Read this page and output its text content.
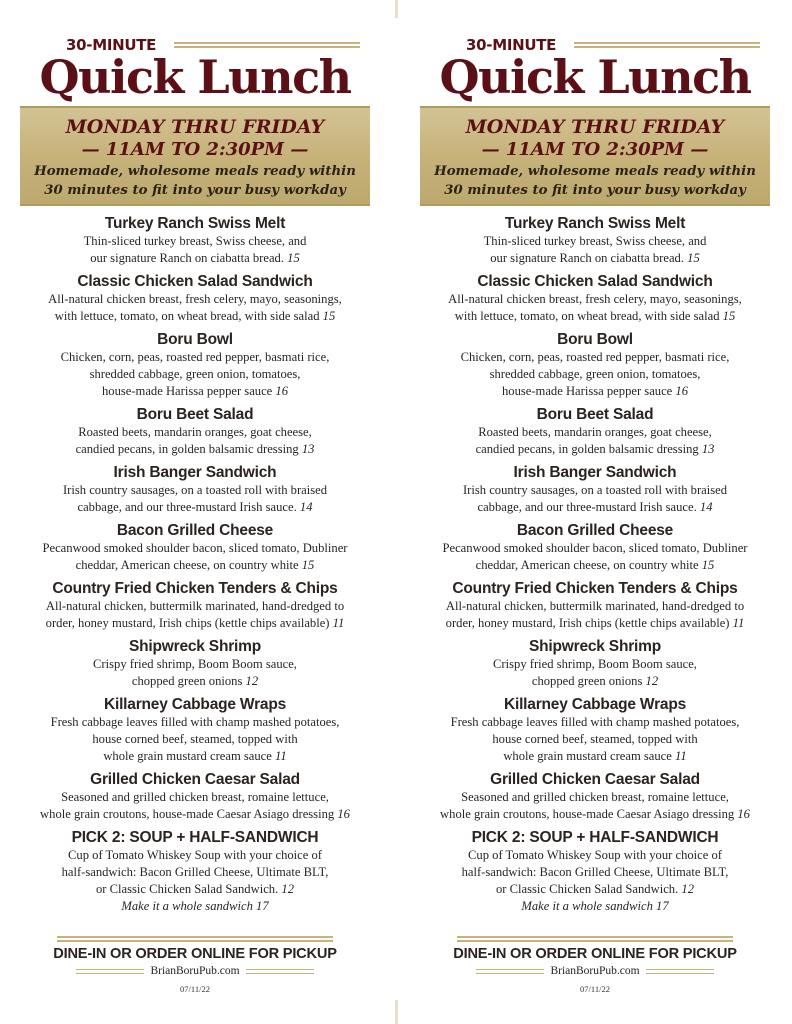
30-MINUTE
Quick Lunch
MONDAY THRU FRIDAY
— 11AM TO 2:30PM —
Homemade, wholesome meals ready within
30 minutes to fit into your busy workday
Turkey Ranch Swiss Melt
Thin-sliced turkey breast, Swiss cheese, and
our signature Ranch on ciabatta bread. 15
Classic Chicken Salad Sandwich
All-natural chicken breast, fresh celery, mayo, seasonings,
with lettuce, tomato, on wheat bread, with side salad 15
Boru Bowl
Chicken, corn, peas, roasted red pepper, basmati rice,
shredded cabbage, green onion, tomatoes,
house-made Harissa pepper sauce 16
Boru Beet Salad
Roasted beets, mandarin oranges, goat cheese,
candied pecans, in golden balsamic dressing 13
Irish Banger Sandwich
Irish country sausages, on a toasted roll with braised
cabbage, and our three-mustard Irish sauce. 14
Bacon Grilled Cheese
Pecanwood smoked shoulder bacon, sliced tomato, Dubliner
cheddar, American cheese, on country white 15
Country Fried Chicken Tenders & Chips
All-natural chicken, buttermilk marinated, hand-dredged to
order, honey mustard, Irish chips (kettle chips available) 11
Shipwreck Shrimp
Crispy fried shrimp, Boom Boom sauce,
chopped green onions 12
Killarney Cabbage Wraps
Fresh cabbage leaves filled with champ mashed potatoes,
house corned beef, steamed, topped with
whole grain mustard cream sauce 11
Grilled Chicken Caesar Salad
Seasoned and grilled chicken breast, romaine lettuce,
whole grain croutons, house-made Caesar Asiago dressing 16
PICK 2: SOUP + HALF-SANDWICH
Cup of Tomato Whiskey Soup with your choice of
half-sandwich: Bacon Grilled Cheese, Ultimate BLT,
or Classic Chicken Salad Sandwich. 12
Make it a whole sandwich 17
DINE-IN OR ORDER ONLINE FOR PICKUP
BrianBoruPub.com
07/11/22
30-MINUTE
Quick Lunch
MONDAY THRU FRIDAY
— 11AM TO 2:30PM —
Homemade, wholesome meals ready within
30 minutes to fit into your busy workday
Turkey Ranch Swiss Melt
Thin-sliced turkey breast, Swiss cheese, and
our signature Ranch on ciabatta bread. 15
Classic Chicken Salad Sandwich
All-natural chicken breast, fresh celery, mayo, seasonings,
with lettuce, tomato, on wheat bread, with side salad 15
Boru Bowl
Chicken, corn, peas, roasted red pepper, basmati rice,
shredded cabbage, green onion, tomatoes,
house-made Harissa pepper sauce 16
Boru Beet Salad
Roasted beets, mandarin oranges, goat cheese,
candied pecans, in golden balsamic dressing 13
Irish Banger Sandwich
Irish country sausages, on a toasted roll with braised
cabbage, and our three-mustard Irish sauce. 14
Bacon Grilled Cheese
Pecanwood smoked shoulder bacon, sliced tomato, Dubliner
cheddar, American cheese, on country white 15
Country Fried Chicken Tenders & Chips
All-natural chicken, buttermilk marinated, hand-dredged to
order, honey mustard, Irish chips (kettle chips available) 11
Shipwreck Shrimp
Crispy fried shrimp, Boom Boom sauce,
chopped green onions 12
Killarney Cabbage Wraps
Fresh cabbage leaves filled with champ mashed potatoes,
house corned beef, steamed, topped with
whole grain mustard cream sauce 11
Grilled Chicken Caesar Salad
Seasoned and grilled chicken breast, romaine lettuce,
whole grain croutons, house-made Caesar Asiago dressing 16
PICK 2: SOUP + HALF-SANDWICH
Cup of Tomato Whiskey Soup with your choice of
half-sandwich: Bacon Grilled Cheese, Ultimate BLT,
or Classic Chicken Salad Sandwich. 12
Make it a whole sandwich 17
DINE-IN OR ORDER ONLINE FOR PICKUP
BrianBoruPub.com
07/11/22
